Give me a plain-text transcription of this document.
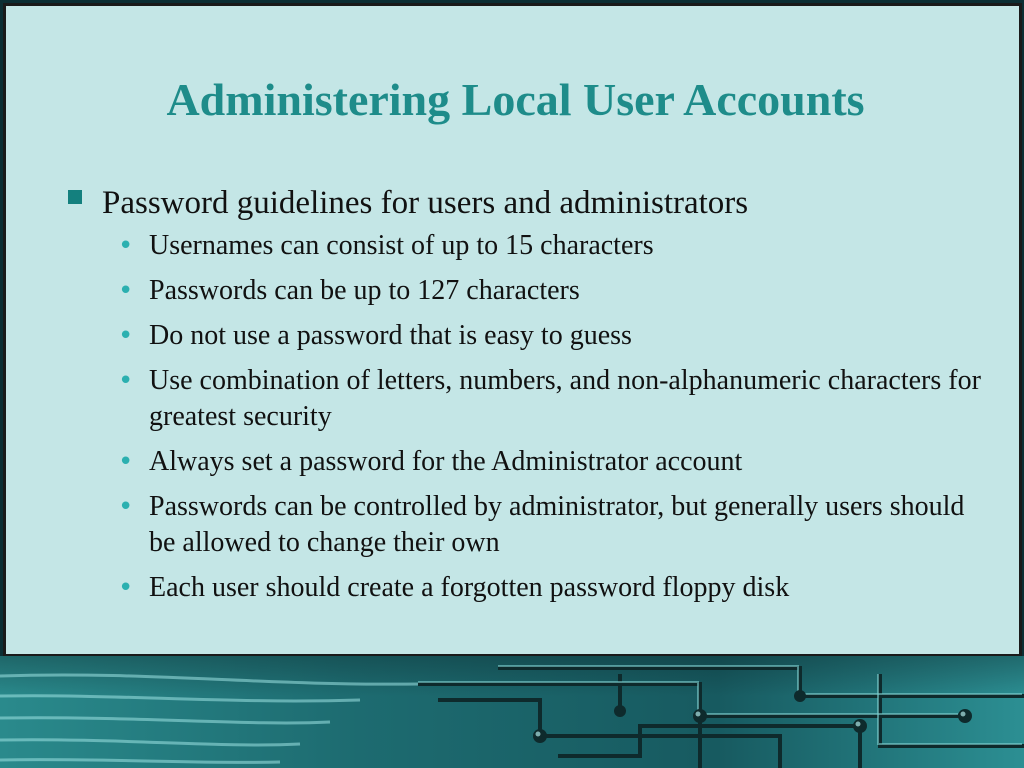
Administering Local User Accounts
Password guidelines for users and administrators
• Usernames can consist of up to 15 characters
• Passwords can be up to 127 characters
• Do not use a password that is easy to guess
• Use combination of letters, numbers, and non-alphanumeric characters for greatest security
• Always set a password for the Administrator account
• Passwords can be controlled by administrator, but generally users should be allowed to change their own
• Each user should create a forgotten password floppy disk
